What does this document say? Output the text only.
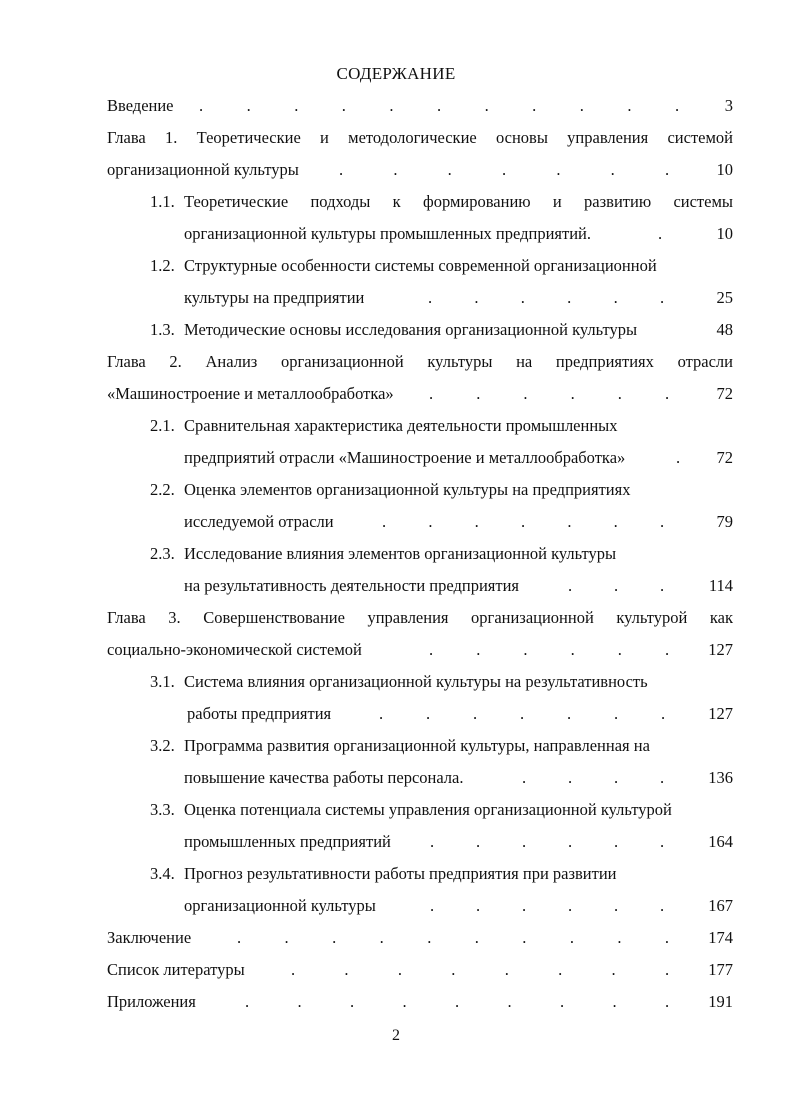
СОДЕРЖАНИЕ
Введение .	.	.	.	.	.	.	.	.	.	.	3
Глава 1. Теоретические и методологические основы управления системой
организационной культуры .	.	.	.	.	.	.	10
1.1. Теоретические подходы к формированию и развитию системы
организационной культуры промышленных предприятий.	.	10
1.2. Структурные особенности системы современной организационной
культуры на предприятии	.	.	.	.	.	.	25
1.3. Методические основы исследования организационной культуры	48
Глава 2. Анализ организационной культуры на предприятиях отрасли
«Машиностроение и металлообработка» .	.	.	.	.	.	72
2.1. Сравнительная характеристика деятельности промышленных
предприятий отрасли «Машиностроение и металлообработка»	.	72
2.2. Оценка элементов организационной культуры на предприятиях
исследуемой отрасли	.	.	.	.	.	.	.	79
2.3. Исследование влияния элементов организационной культуры
на результативность деятельности предприятия	.	.	.	114
Глава 3. Совершенствование управления организационной культурой как
социально-экономической системой	.	.	.	.	.	.	127
3.1. Система влияния организационной культуры на результативность
работы предприятия	.	.	.	.	.	.	.	127
3.2. Программа развития организационной культуры, направленная на
повышение качества работы персонала.	.	.	.	.	136
3.3. Оценка потенциала системы управления организационной культурой
промышленных предприятий .	.	.	.	.	.	164
3.4. Прогноз результативности работы предприятия при развитии
организационной культуры	.	.	.	.	.	.	167
Заключение	.	.	.	.	.	.	.	.	.	.	174
Список литературы	.	.	.	.	.	.	.	.	177
Приложения	.	.	.	.	.	.	.	.	.	191
2
